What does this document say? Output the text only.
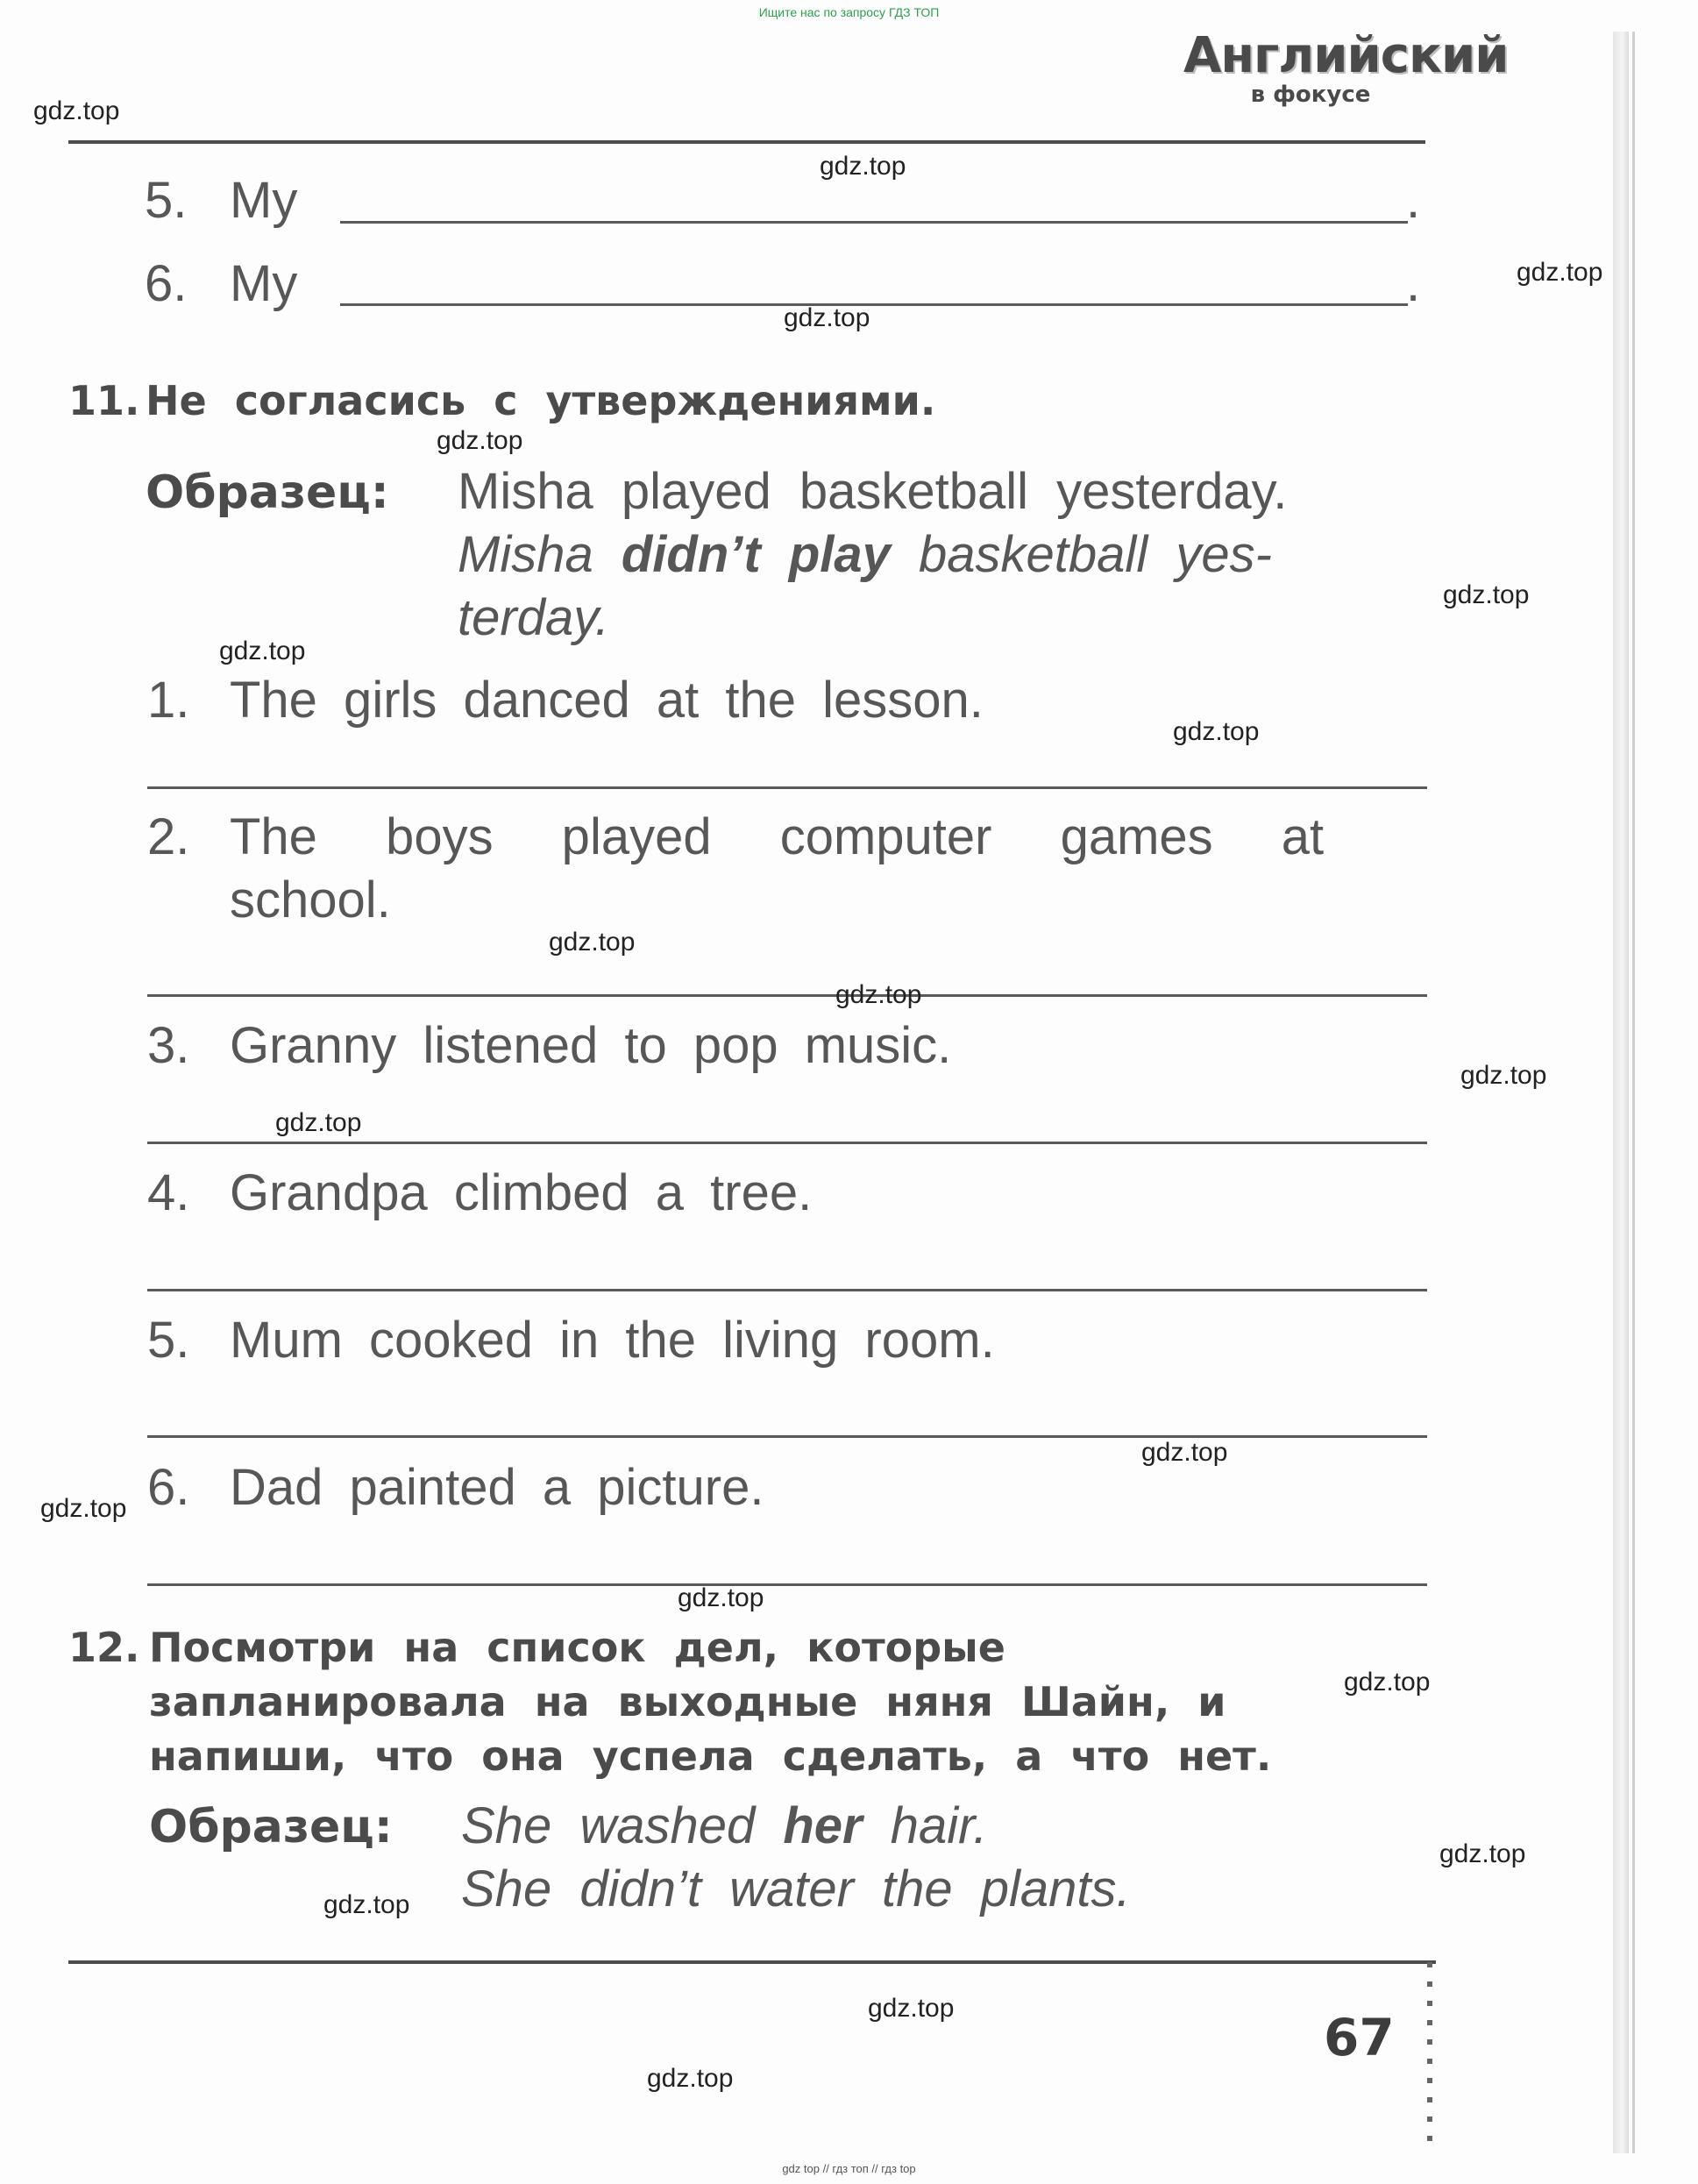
Ищите нас по запросу ГДЗ ТОП
Английский
в фокусе
5. My	.
6. My	.
11. Не согласись с утверждениями.
Образец: Misha played basketball yesterday.
Misha didn’t play basketball yes-
terday.
1. The girls danced at the lesson.
2. The boys played computer games at
school.
3. Granny listened to pop music.
4. Grandpa climbed a tree.
5. Mum cooked in the living room.
6. Dad painted a picture.
12. Посмотри на список дел, которые
запланировала на выходные няня Шайн, и
напиши, что она успела сделать, а что нет.
Образец: She washed her hair.
She didn’t water the plants.
67
gdz.top
gdz.top
gdz.top
gdz.top
gdz.top
gdz.top
gdz.top
gdz.top
gdz.top
gdz.top
gdz.top
gdz.top
gdz.top
gdz.top
gdz.top
gdz.top
gdz.top
gdz.top
gdz.top
gdz.top
gdz top // гдз топ // гдз top
